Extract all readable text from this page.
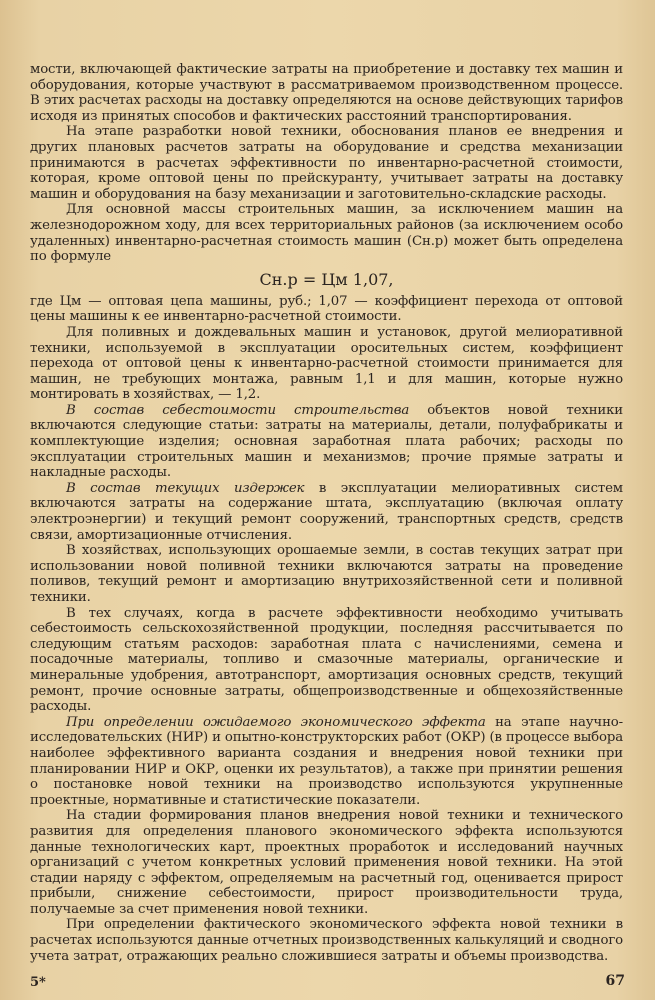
мости, включающей фактические затраты на приобретение и доставку тех машин и оборудования, которые участвуют в рассматриваемом производственном процессе. В этих расчетах расходы на доставку определяются на основе действующих тарифов исходя из принятых способов и фактических расстояний транспортирования.

На этапе разработки новой техники, обоснования планов ее внедрения и других плановых расчетов затраты на оборудование и средства механизации принимаются в расчетах эффективности по инвентарно-расчетной стоимости, которая, кроме оптовой цены по прейскуранту, учитывает затраты на доставку машин и оборудования на базу механизации и заготовительно-складские расходы.

Для основной массы строительных машин, за исключением машин на железнодорожном ходу, для всех территориальных районов (за исключением особо удаленных) инвентарно-расчетная стоимость машин (Cн.р) может быть определена по формуле

Cн.р = Цм 1,07,

где Цм — оптовая цепа машины, руб.; 1,07 — коэффициент перехода от оптовой цены машины к ее инвентарно-расчетной стоимости.

Для поливных и дождевальных машин и установок, другой мелиоративной техники, используемой в эксплуатации оросительных систем, коэффициент перехода от оптовой цены к инвентарно-расчетной стоимости принимается для машин, не требующих монтажа, равным 1,1 и для машин, которые нужно монтировать в хозяйствах, — 1,2.

В состав себестоимости строительства объектов новой техники включаются следующие статьи: затраты на материалы, детали, полуфабрикаты и комплектующие изделия; основная заработная плата рабочих; расходы по эксплуатации строительных машин и механизмов; прочие прямые затраты и накладные расходы.

В состав текущих издержек в эксплуатации мелиоративных систем включаются затраты на содержание штата, эксплуатацию (включая оплату электроэнергии) и текущий ремонт сооружений, транспортных средств, средств связи, амортизационные отчисления.

В хозяйствах, использующих орошаемые земли, в состав текущих затрат при использовании новой поливной техники включаются затраты на проведение поливов, текущий ремонт и амортизацию внутрихозяйственной сети и поливной техники.

В тех случаях, когда в расчете эффективности необходимо учитывать себестоимость сельскохозяйственной продукции, последняя рассчитывается по следующим статьям расходов: заработная плата с начислениями, семена и посадочные материалы, топливо и смазочные материалы, органические и минеральные удобрения, автотранспорт, амортизация основных средств, текущий ремонт, прочие основные затраты, общепроизводственные и общехозяйственные расходы.

При определении ожидаемого экономического эффекта на этапе научно-исследовательских (НИР) и опытно-конструкторских работ (ОКР) (в процессе выбора наиболее эффективного варианта создания и внедрения новой техники при планировании НИР и ОКР, оценки их результатов), а также при принятии решения о постановке новой техники на производство используются укрупненные проектные, нормативные и статистические показатели.

На стадии формирования планов внедрения новой техники и технического развития для определения планового экономического эффекта используются данные технологических карт, проектных проработок и исследований научных организаций с учетом конкретных условий применения новой техники. На этой стадии наряду с эффектом, определяемым на расчетный год, оценивается прирост прибыли, снижение себестоимости, прирост производительности труда, получаемые за счет применения новой техники.

При определении фактического экономического эффекта новой техники в расчетах используются данные отчетных производственных калькуляций и сводного учета затрат, отражающих реально сложившиеся затраты и объемы производства.

5*	67
